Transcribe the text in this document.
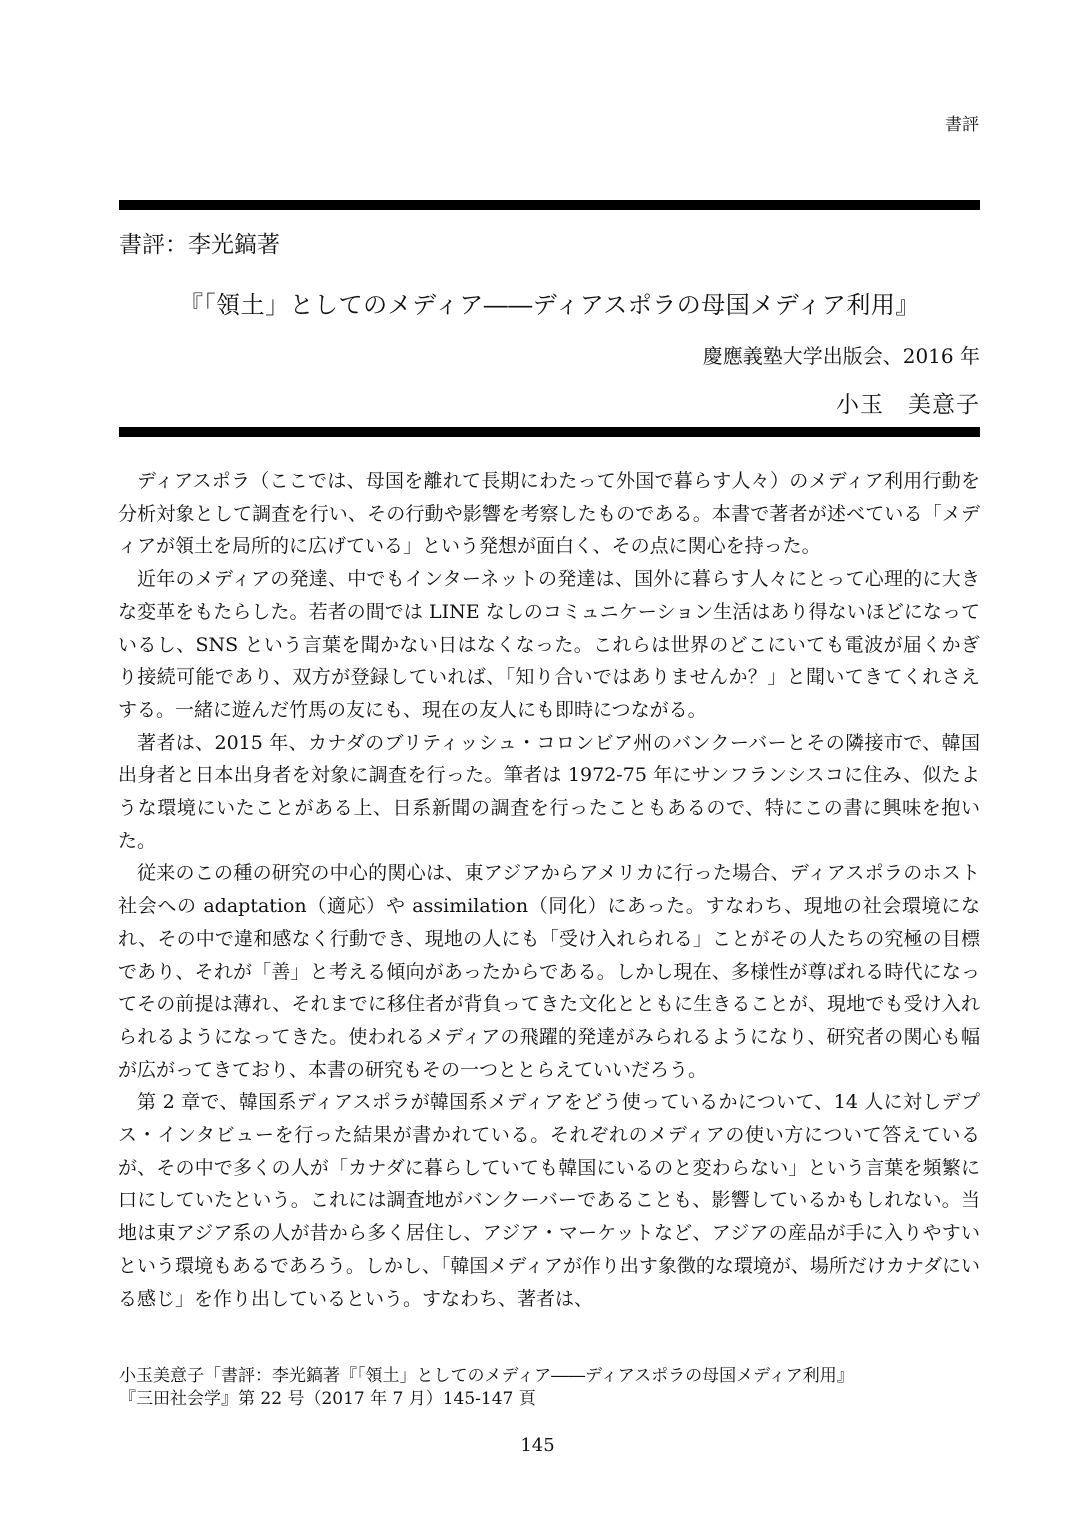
書評
書評：李光鎬著
『「領土」としてのメディア――ディアスポラの母国メディア利用』
慶應義塾大学出版会、2016 年
小玉　美意子

ディアスポラ（ここでは、母国を離れて長期にわたって外国で暮らす人々）のメディア利用行動を分析対象として調査を行い、その行動や影響を考察したものである。本書で著者が述べている「メディアが領土を局所的に広げている」という発想が面白く、その点に関心を持った。

近年のメディアの発達、中でもインターネットの発達は、国外に暮らす人々にとって心理的に大きな変革をもたらした。若者の間では LINE なしのコミュニケーション生活はあり得ないほどになっているし、SNS という言葉を聞かない日はなくなった。これらは世界のどこにいても電波が届くかぎり接続可能であり、双方が登録していれば、「知り合いではありませんか？」と聞いてきてくれさえする。一緒に遊んだ竹馬の友にも、現在の友人にも即時につながる。

著者は、2015 年、カナダのブリティッシュ・コロンビア州のバンクーバーとその隣接市で、韓国出身者と日本出身者を対象に調査を行った。筆者は 1972-75 年にサンフランシスコに住み、似たような環境にいたことがある上、日系新聞の調査を行ったこともあるので、特にこの書に興味を抱いた。

従来のこの種の研究の中心的関心は、東アジアからアメリカに行った場合、ディアスポラのホスト社会への adaptation（適応）や assimilation（同化）にあった。すなわち、現地の社会環境になれ、その中で違和感なく行動でき、現地の人にも「受け入れられる」ことがその人たちの究極の目標であり、それが「善」と考える傾向があったからである。しかし現在、多様性が尊ばれる時代になってその前提は薄れ、それまでに移住者が背負ってきた文化とともに生きることが、現地でも受け入れられるようになってきた。使われるメディアの飛躍的発達がみられるようになり、研究者の関心も幅が広がってきており、本書の研究もその一つととらえていいだろう。

第 2 章で、韓国系ディアスポラが韓国系メディアをどう使っているかについて、14 人に対しデプス・インタビューを行った結果が書かれている。それぞれのメディアの使い方について答えているが、その中で多くの人が「カナダに暮らしていても韓国にいるのと変わらない」という言葉を頻繁に口にしていたという。これには調査地がバンクーバーであることも、影響しているかもしれない。当地は東アジア系の人が昔から多く居住し、アジア・マーケットなど、アジアの産品が手に入りやすいという環境もあるであろう。しかし、「韓国メディアが作り出す象徴的な環境が、場所だけカナダにいる感じ」を作り出しているという。すなわち、著者は、

小玉美意子「書評：李光鎬著『「領土」としてのメディア――ディアスポラの母国メディア利用』
『三田社会学』第 22 号（2017 年 7 月）145-147 頁
145
